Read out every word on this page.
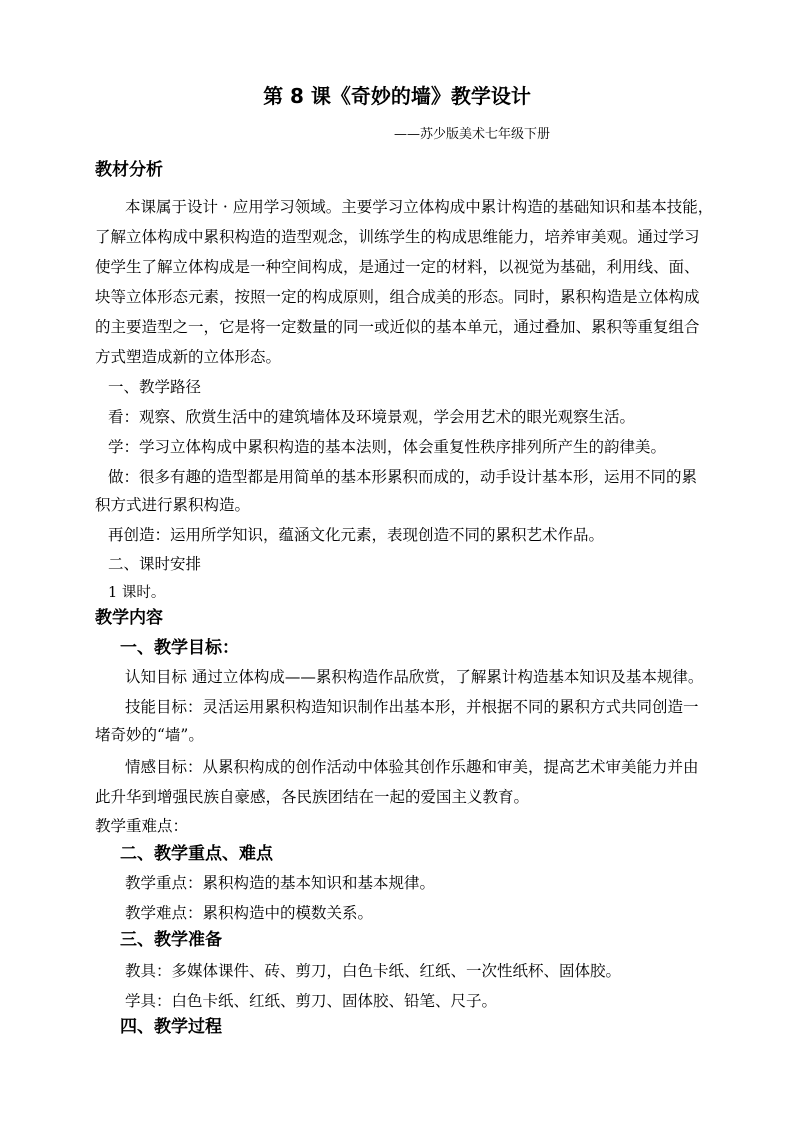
第 8 课《奇妙的墙》教学设计
——苏少版美术七年级下册
教材分析
本课属于设计 · 应用学习领域。主要学习立体构成中累计构造的基础知识和基本技能，
了解立体构成中累积构造的造型观念，训练学生的构成思维能力，培养审美观。通过学习
使学生了解立体构成是一种空间构成，是通过一定的材料，以视觉为基础，利用线、面、
块等立体形态元素，按照一定的构成原则，组合成美的形态。同时，累积构造是立体构成
的主要造型之一，它是将一定数量的同一或近似的基本单元，通过叠加、累积等重复组合
方式塑造成新的立体形态。
一、教学路径
看：观察、欣赏生活中的建筑墙体及环境景观，学会用艺术的眼光观察生活。
学：学习立体构成中累积构造的基本法则，体会重复性秩序排列所产生的韵律美。
做：很多有趣的造型都是用简单的基本形累积而成的，动手设计基本形，运用不同的累
积方式进行累积构造。
再创造：运用所学知识，蕴涵文化元素，表现创造不同的累积艺术作品。
二、课时安排
1 课时。
教学内容
一、教学目标：
认知目标 通过立体构成——累积构造作品欣赏，了解累计构造基本知识及基本规律。
技能目标：灵活运用累积构造知识制作出基本形，并根据不同的累积方式共同创造一
堵奇妙的“墙”。
情感目标：从累积构成的创作活动中体验其创作乐趣和审美，提高艺术审美能力并由
此升华到增强民族自豪感，各民族团结在一起的爱国主义教育。
教学重难点：
二、教学重点、难点
教学重点：累积构造的基本知识和基本规律。
教学难点：累积构造中的模数关系。
三、教学准备
教具：多媒体课件、砖、剪刀，白色卡纸、红纸、一次性纸杯、固体胶。
学具：白色卡纸、红纸、剪刀、固体胶、铅笔、尺子。
四、教学过程
